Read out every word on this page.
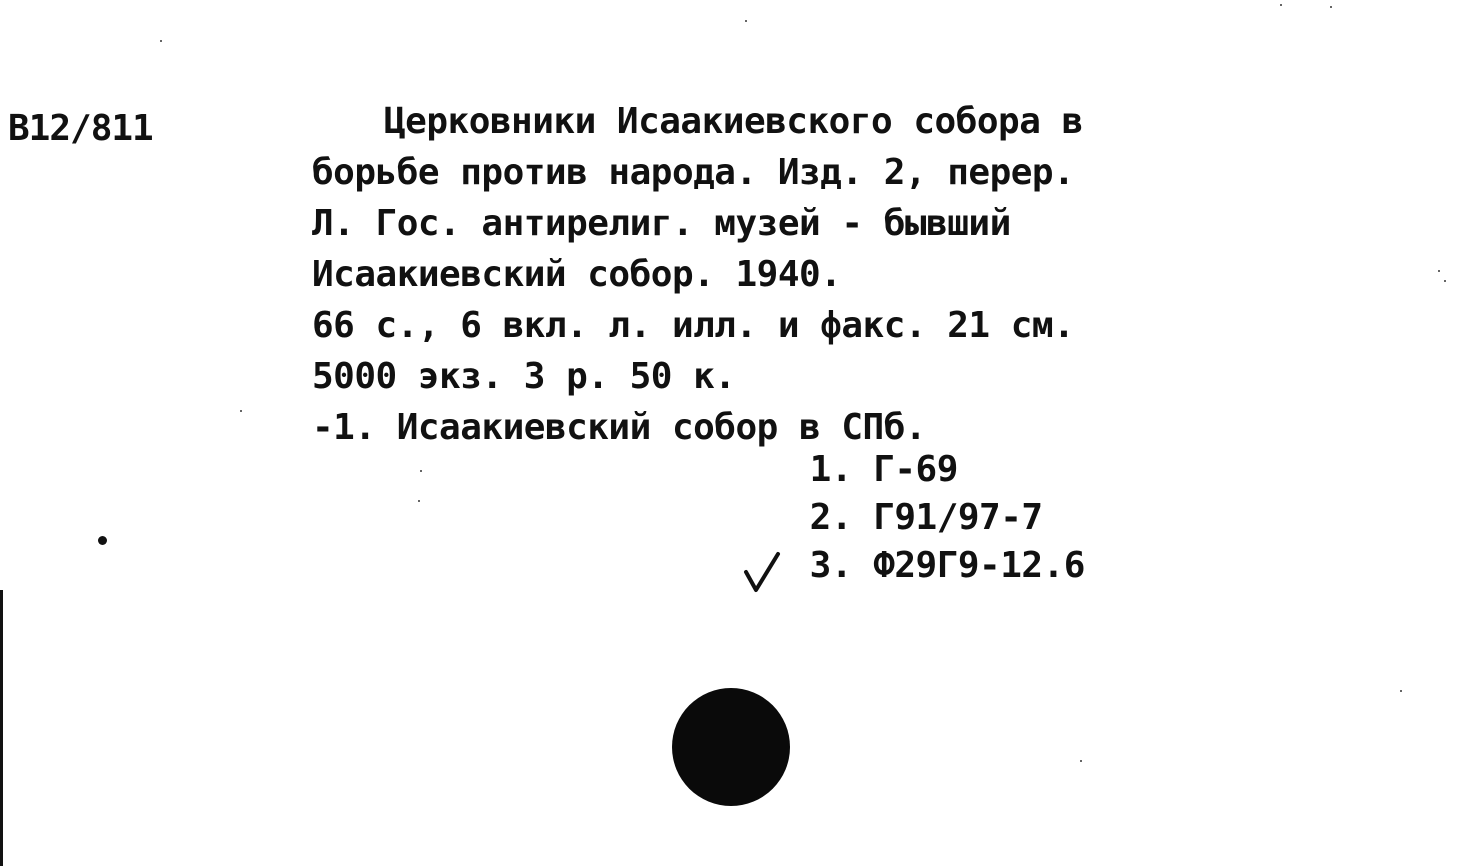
В12/811	Церковники Исаакиевского собора в
борьбе против народа. Изд. 2, перер.
Л. Гос. антирелиг. музей - бывший
Исаакиевский собор. 1940.
66 с., 6 вкл. л. илл. и факс. 21 см.
5000 экз. 3 р. 50 к.
-1. Исаакиевский собор в СПб.
1. Г-69
2. Г91/97-7
3. Ф29Г9-12.6
